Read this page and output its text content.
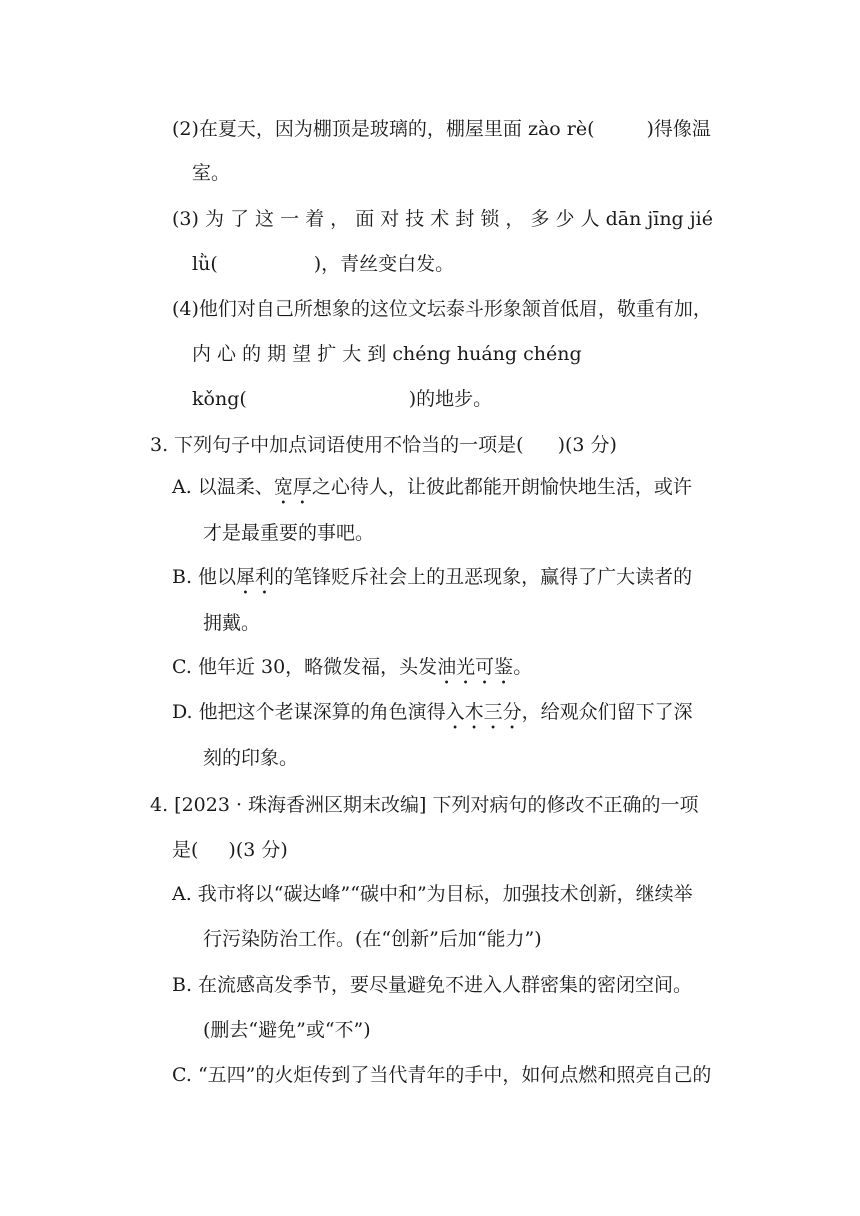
(2)在夏天，因为棚顶是玻璃的，棚屋里面 zào rè(	)得像温
室。
(3) 为 了 这 一 着 ， 面 对 技 术 封 锁 ， 多 少 人 dān jīng jié
lǜ(	)，青丝变白发。
(4)他们对自己所想象的这位文坛泰斗形象颔首低眉，敬重有加，
内 心 的 期 望 扩 大 到 chéng huáng chéng
kǒng(	)的地步。
3. 下列句子中加点词语使用不恰当的一项是( )(3 分)
A. 以温柔、宽厚之心待人，让彼此都能开朗愉快地生活，或许
才是最重要的事吧。
B. 他以犀利的笔锋贬斥社会上的丑恶现象，赢得了广大读者的
拥戴。
C. 他年近 30，略微发福，头发油光可鉴。
D. 他把这个老谋深算的角色演得入木三分，给观众们留下了深
刻的印象。
4. [2023 · 珠海香洲区期末改编] 下列对病句的修改不正确的一项
是( )(3 分)
A. 我市将以“碳达峰”“碳中和”为目标，加强技术创新，继续举
行污染防治工作。(在“创新”后加“能力”)
B. 在流感高发季节，要尽量避免不进入人群密集的密闭空间。
(删去“避免”或“不”)
C. “五四”的火炬传到了当代青年的手中，如何点燃和照亮自己的
